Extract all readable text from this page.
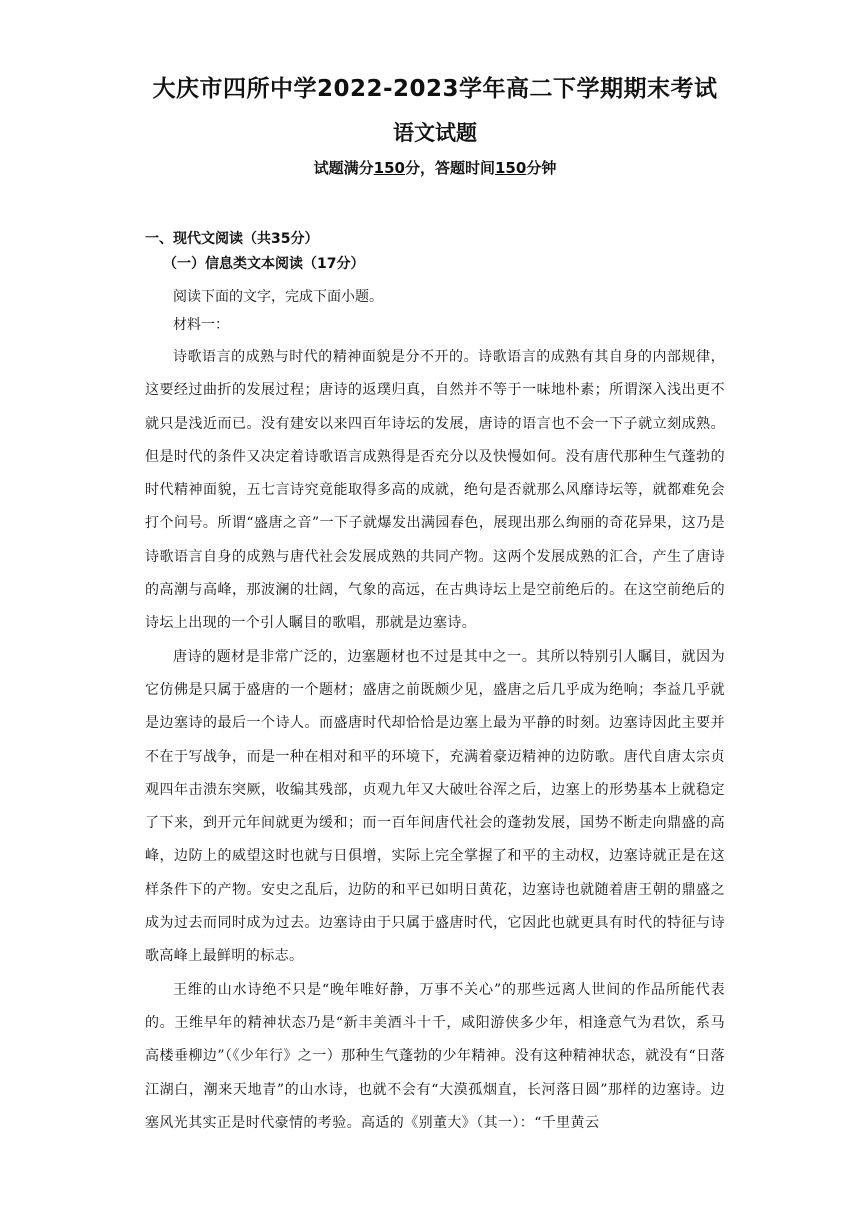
大庆市四所中学2022-2023学年高二下学期期末考试
语文试题
试题满分150分，答题时间150分钟
一、现代文阅读（共35分）
（一）信息类文本阅读（17分）

阅读下面的文字，完成下面小题。

材料一：

诗歌语言的成熟与时代的精神面貌是分不开的。诗歌语言的成熟有其自身的内部规律，这要经过曲折的发展过程；唐诗的返璞归真，自然并不等于一味地朴素；所谓深入浅出更不就只是浅近而已。没有建安以来四百年诗坛的发展，唐诗的语言也不会一下子就立刻成熟。但是时代的条件又决定着诗歌语言成熟得是否充分以及快慢如何。没有唐代那种生气蓬勃的时代精神面貌，五七言诗究竟能取得多高的成就，绝句是否就那么风靡诗坛等，就都难免会打个问号。所谓“盛唐之音”一下子就爆发出满园春色，展现出那么绚丽的奇花异果，这乃是诗歌语言自身的成熟与唐代社会发展成熟的共同产物。这两个发展成熟的汇合，产生了唐诗的高潮与高峰，那波澜的壮阔，气象的高远，在古典诗坛上是空前绝后的。在这空前绝后的诗坛上出现的一个引人瞩目的歌唱，那就是边塞诗。

唐诗的题材是非常广泛的，边塞题材也不过是其中之一。其所以特别引人瞩目，就因为它仿佛是只属于盛唐的一个题材；盛唐之前既颇少见，盛唐之后几乎成为绝响；李益几乎就是边塞诗的最后一个诗人。而盛唐时代却恰恰是边塞上最为平静的时刻。边塞诗因此主要并不在于写战争，而是一种在相对和平的环境下，充满着豪迈精神的边防歌。唐代自唐太宗贞观四年击溃东突厥，收编其残部，贞观九年又大破吐谷浑之后，边塞上的形势基本上就稳定了下来，到开元年间就更为缓和；而一百年间唐代社会的蓬勃发展，国势不断走向鼎盛的高峰，边防上的威望这时也就与日俱增，实际上完全掌握了和平的主动权，边塞诗就正是在这样条件下的产物。安史之乱后，边防的和平已如明日黄花，边塞诗也就随着唐王朝的鼎盛之成为过去而同时成为过去。边塞诗由于只属于盛唐时代，它因此也就更具有时代的特征与诗歌高峰上最鲜明的标志。

王维的山水诗绝不只是“晚年唯好静，万事不关心”的那些远离人世间的作品所能代表的。王维早年的精神状态乃是“新丰美酒斗十千，咸阳游侠多少年，相逢意气为君饮，系马高楼垂柳边”（《少年行》之一）那种生气蓬勃的少年精神。没有这种精神状态，就没有“日落江湖白，潮来天地青”的山水诗，也就不会有“大漠孤烟直，长河落日圆”那样的边塞诗。边塞风光其实正是时代豪情的考验。高适的《别董大》（其一）：“千里黄云
